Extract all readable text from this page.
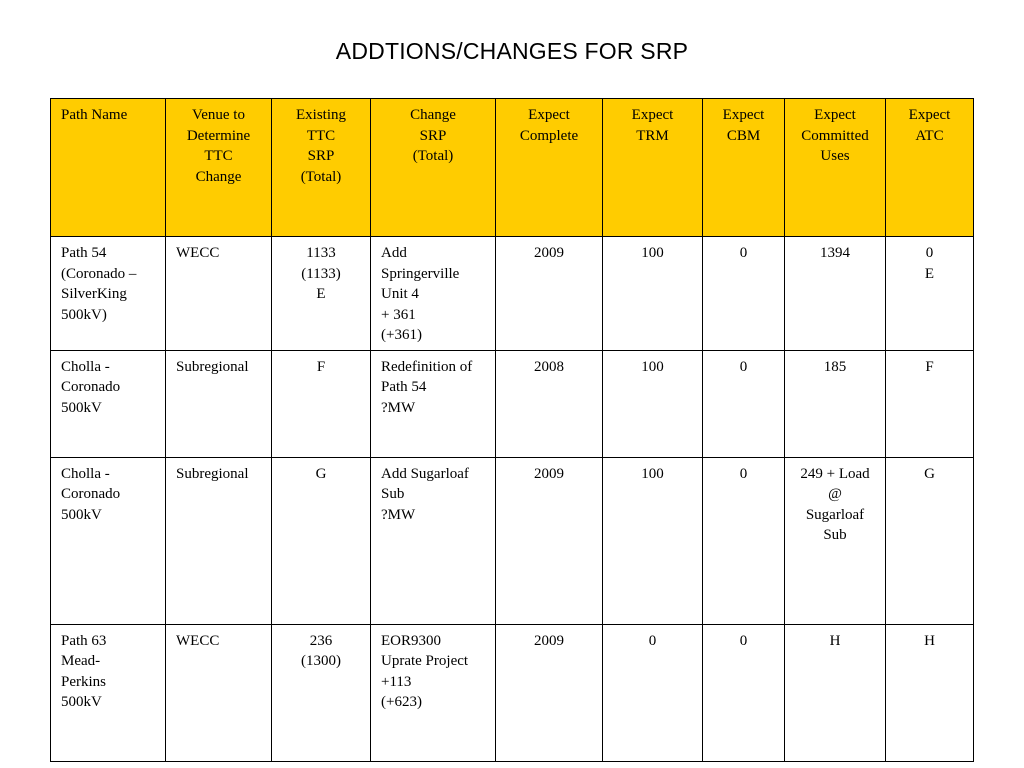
ADDTIONS/CHANGES FOR SRP
Path Name	Venue to
Determine
TTC
Change	Existing
TTC
SRP
(Total)	Change
SRP
(Total)	Expect
Complete	Expect
TRM	Expect
CBM	Expect
Committed
Uses	Expect
ATC
Path 54
(Coronado –
SilverKing
500kV)	WECC	1133
(1133)
E	Add
Springerville
Unit 4
+ 361
(+361)	2009	100	0	1394	0
E
Cholla -
Coronado
500kV	Subregional	F	Redefinition of
Path 54
?MW	2008	100	0	185	F
Cholla -
Coronado
500kV	Subregional	G	Add Sugarloaf
Sub
?MW	2009	100	0	249 + Load
@
Sugarloaf
Sub	G
Path 63
Mead-
Perkins
500kV	WECC	236
(1300)	EOR9300
Uprate Project
+113
(+623)	2009	0	0	H	H
